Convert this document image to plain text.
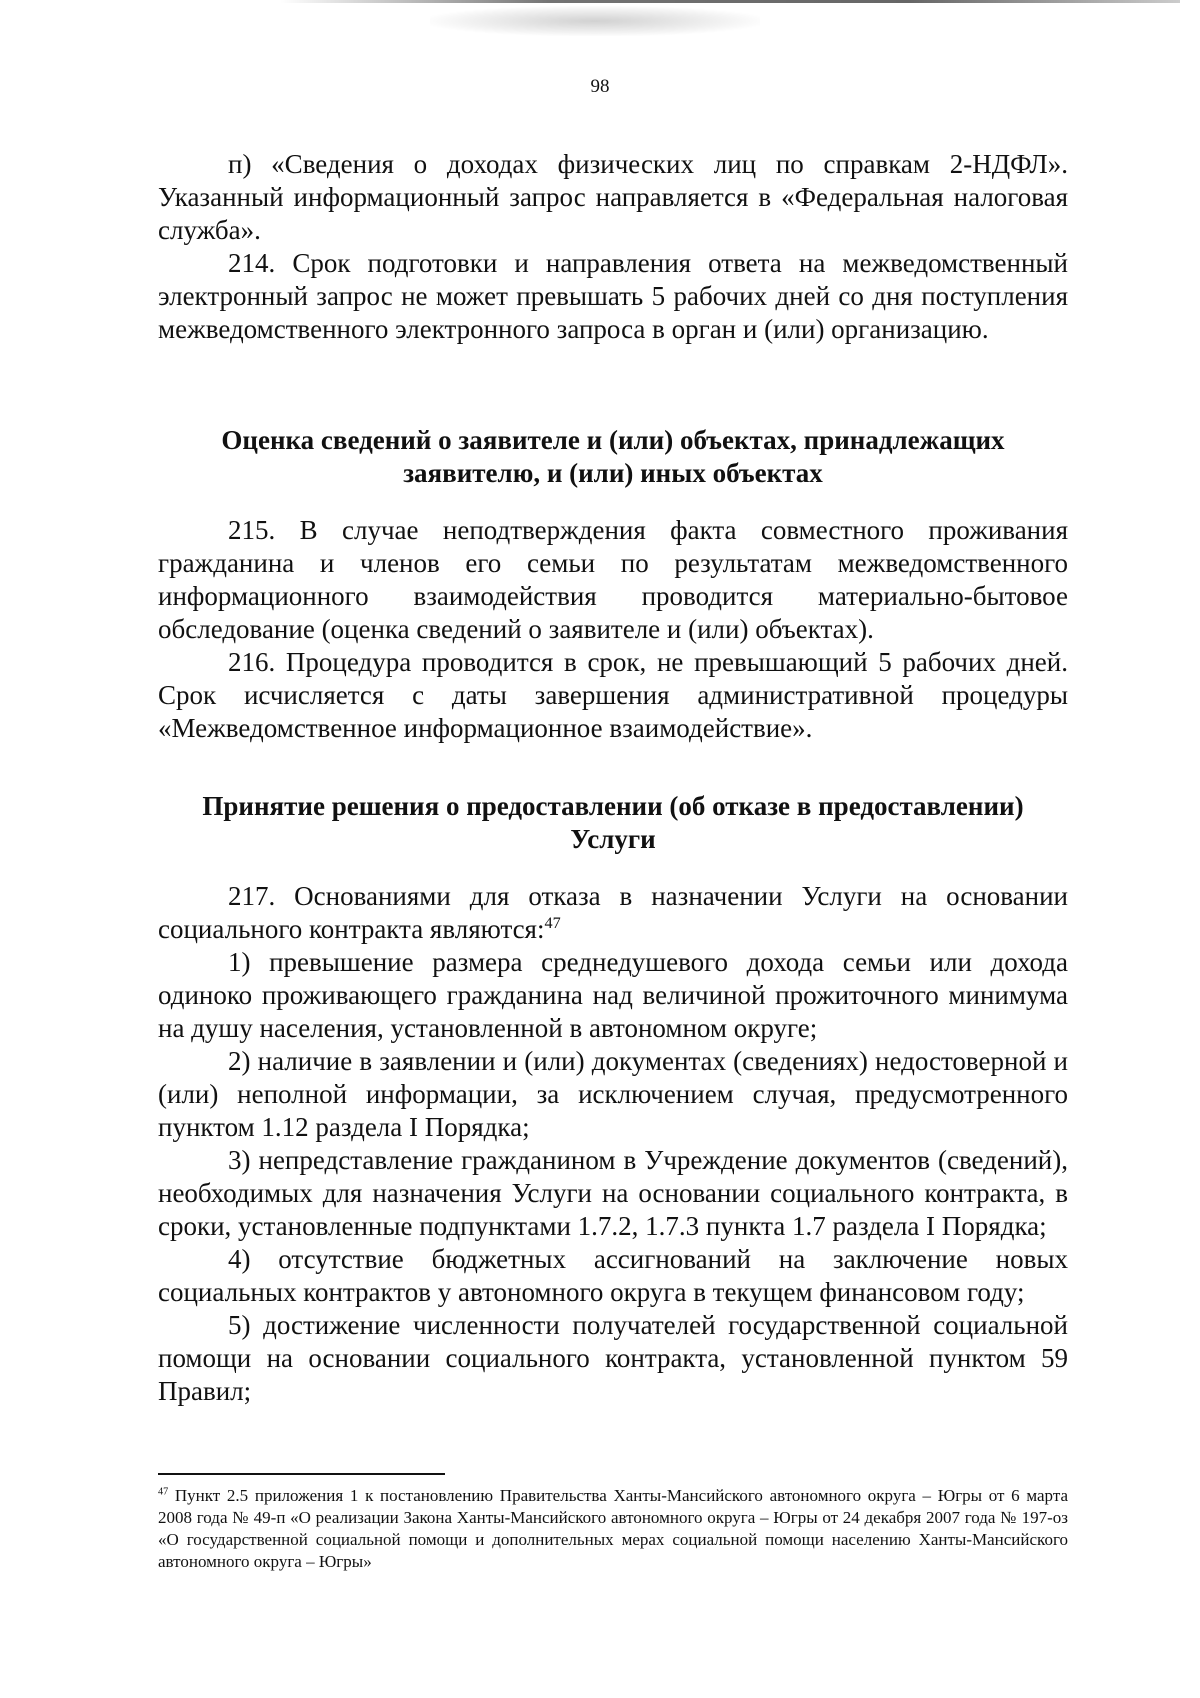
98

п) «Сведения о доходах физических лиц по справкам 2-НДФЛ». Указанный информационный запрос направляется в «Федеральная налоговая служба».

214. Срок подготовки и направления ответа на межведомственный электронный запрос не может превышать 5 рабочих дней со дня поступления межведомственного электронного запроса в орган и (или) организацию.

Оценка сведений о заявителе и (или) объектах, принадлежащих заявителю, и (или) иных объектах

215. В случае неподтверждения факта совместного проживания гражданина и членов его семьи по результатам межведомственного информационного взаимодействия проводится материально-бытовое обследование (оценка сведений о заявителе и (или) объектах).

216. Процедура проводится в срок, не превышающий 5 рабочих дней. Срок исчисляется с даты завершения административной процедуры «Межведомственное информационное взаимодействие».

Принятие решения о предоставлении (об отказе в предоставлении) Услуги

217. Основаниями для отказа в назначении Услуги на основании социального контракта являются:$^{47}$

1) превышение размера среднедушевого дохода семьи или дохода одиноко проживающего гражданина над величиной прожиточного минимума на душу населения, установленной в автономном округе;

2) наличие в заявлении и (или) документах (сведениях) недостоверной и (или) неполной информации, за исключением случая, предусмотренного пунктом 1.12 раздела I Порядка;

3) непредставление гражданином в Учреждение документов (сведений), необходимых для назначения Услуги на основании социального контракта, в сроки, установленные подпунктами 1.7.2, 1.7.3 пункта 1.7 раздела I Порядка;

4) отсутствие бюджетных ассигнований на заключение новых социальных контрактов у автономного округа в текущем финансовом году;

5) достижение численности получателей государственной социальной помощи на основании социального контракта, установленной пунктом 59 Правил;

$^{47}$ Пункт 2.5 приложения 1 к постановлению Правительства Ханты-Мансийского автономного округа – Югры от 6 марта 2008 года № 49-п «О реализации Закона Ханты-Мансийского автономного округа – Югры от 24 декабря 2007 года № 197-оз «О государственной социальной помощи и дополнительных мерах социальной помощи населению Ханты-Мансийского автономного округа – Югры»
